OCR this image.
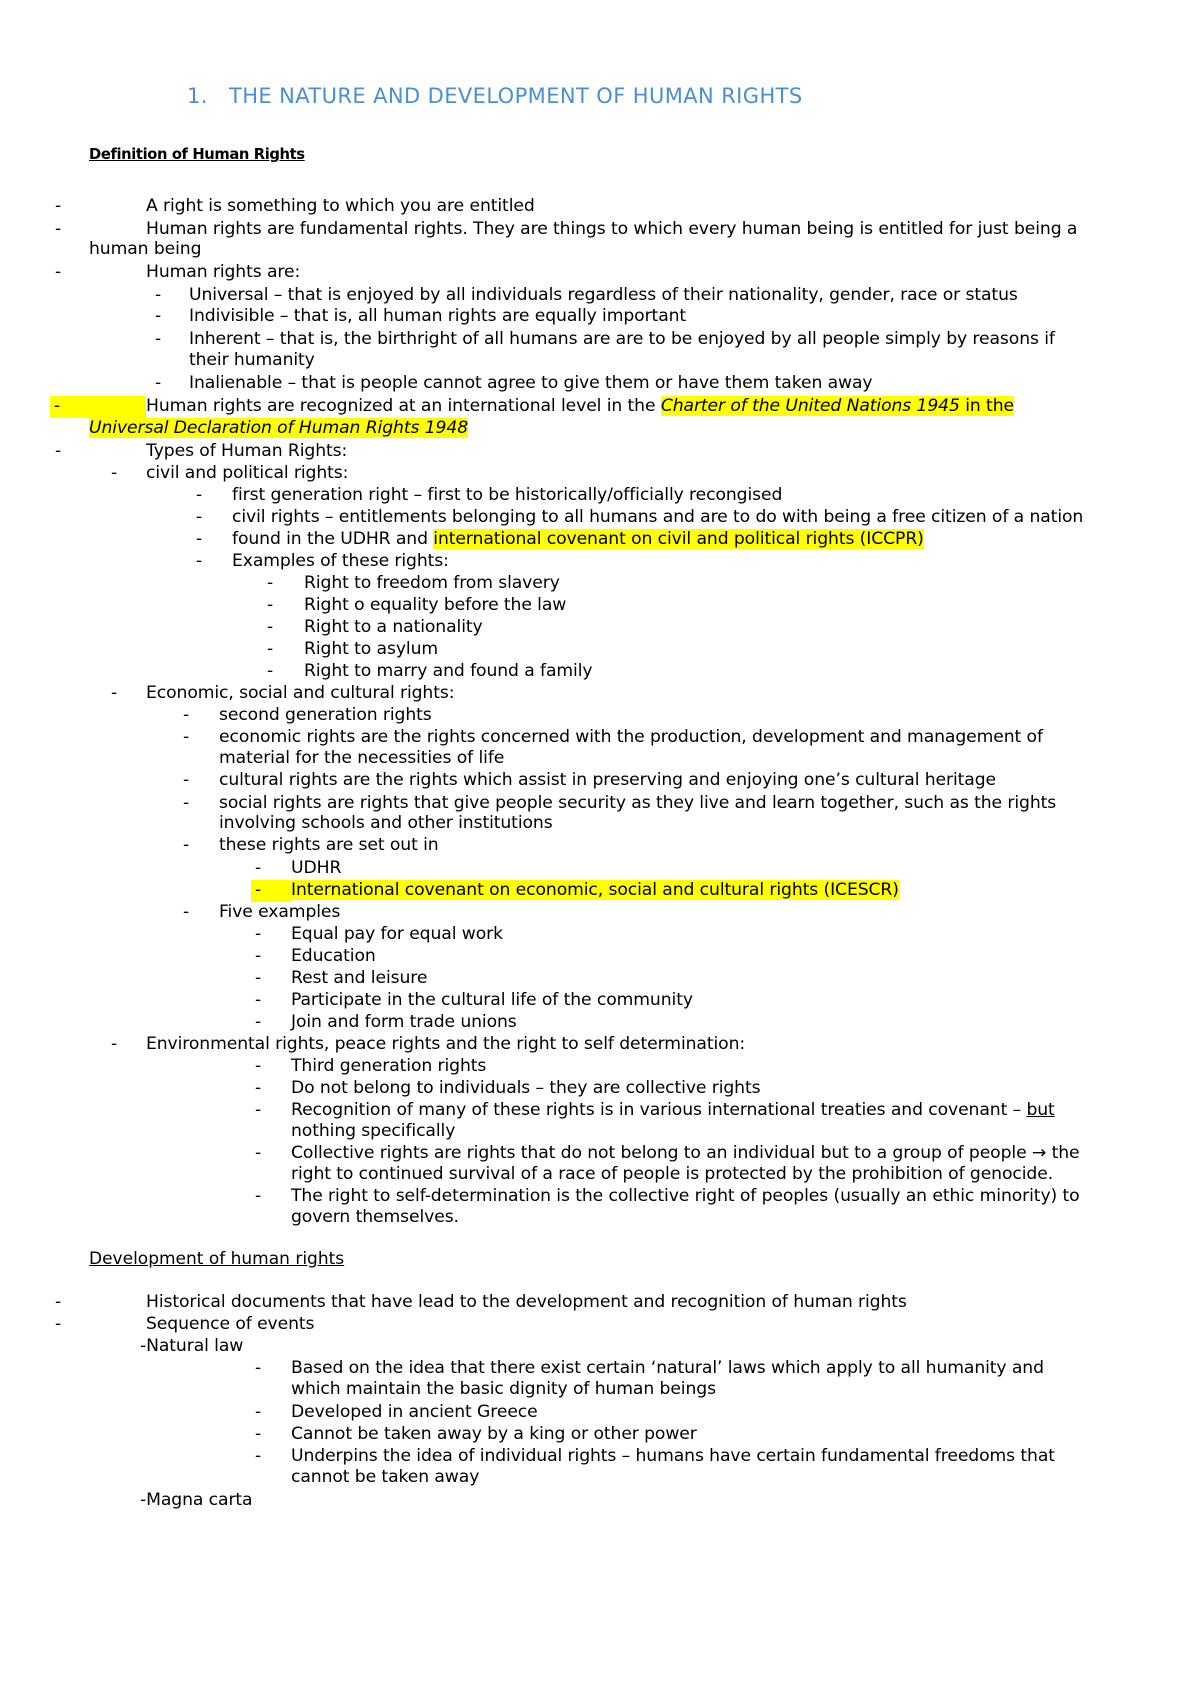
1. THE NATURE AND DEVELOPMENT OF HUMAN RIGHTS
Definition of Human Rights
-	A right is something to which you are entitled
-	Human rights are fundamental rights. They are things to which every human being is entitled for just being a
human being
-	Human rights are:
- Universal – that is enjoyed by all individuals regardless of their nationality, gender, race or status
- Indivisible – that is, all human rights are equally important
- Inherent – that is, the birthright of all humans are are to be enjoyed by all people simply by reasons if
their humanity
- Inalienable – that is people cannot agree to give them or have them taken away
-	Human rights are recognized at an international level in the Charter of the United Nations 1945 in the
Universal Declaration of Human Rights 1948
-	Types of Human Rights:
- civil and political rights:
- first generation right – first to be historically/officially recongised
- civil rights – entitlements belonging to all humans and are to do with being a free citizen of a nation
- found in the UDHR and international covenant on civil and political rights (ICCPR)
- Examples of these rights:
- Right to freedom from slavery
- Right o equality before the law
- Right to a nationality
- Right to asylum
- Right to marry and found a family
- Economic, social and cultural rights:
- second generation rights
- economic rights are the rights concerned with the production, development and management of
material for the necessities of life
- cultural rights are the rights which assist in preserving and enjoying one’s cultural heritage
- social rights are rights that give people security as they live and learn together, such as the rights
involving schools and other institutions
- these rights are set out in
- UDHR
-	International covenant on economic, social and cultural rights (ICESCR)
- Five examples
- Equal pay for equal work
- Education
- Rest and leisure
- Participate in the cultural life of the community
- Join and form trade unions
- Environmental rights, peace rights and the right to self determination:
- Third generation rights
- Do not belong to individuals – they are collective rights
- Recognition of many of these rights is in various international treaties and covenant – but
nothing specifically
- Collective rights are rights that do not belong to an individual but to a group of people → the
right to continued survival of a race of people is protected by the prohibition of genocide.
- The right to self-determination is the collective right of peoples (usually an ethic minority) to
govern themselves.
Development of human rights
-	Historical documents that have lead to the development and recognition of human rights
-	Sequence of events
-Natural law
- Based on the idea that there exist certain ‘natural’ laws which apply to all humanity and
which maintain the basic dignity of human beings
- Developed in ancient Greece
- Cannot be taken away by a king or other power
- Underpins the idea of individual rights – humans have certain fundamental freedoms that
cannot be taken away
-Magna carta
